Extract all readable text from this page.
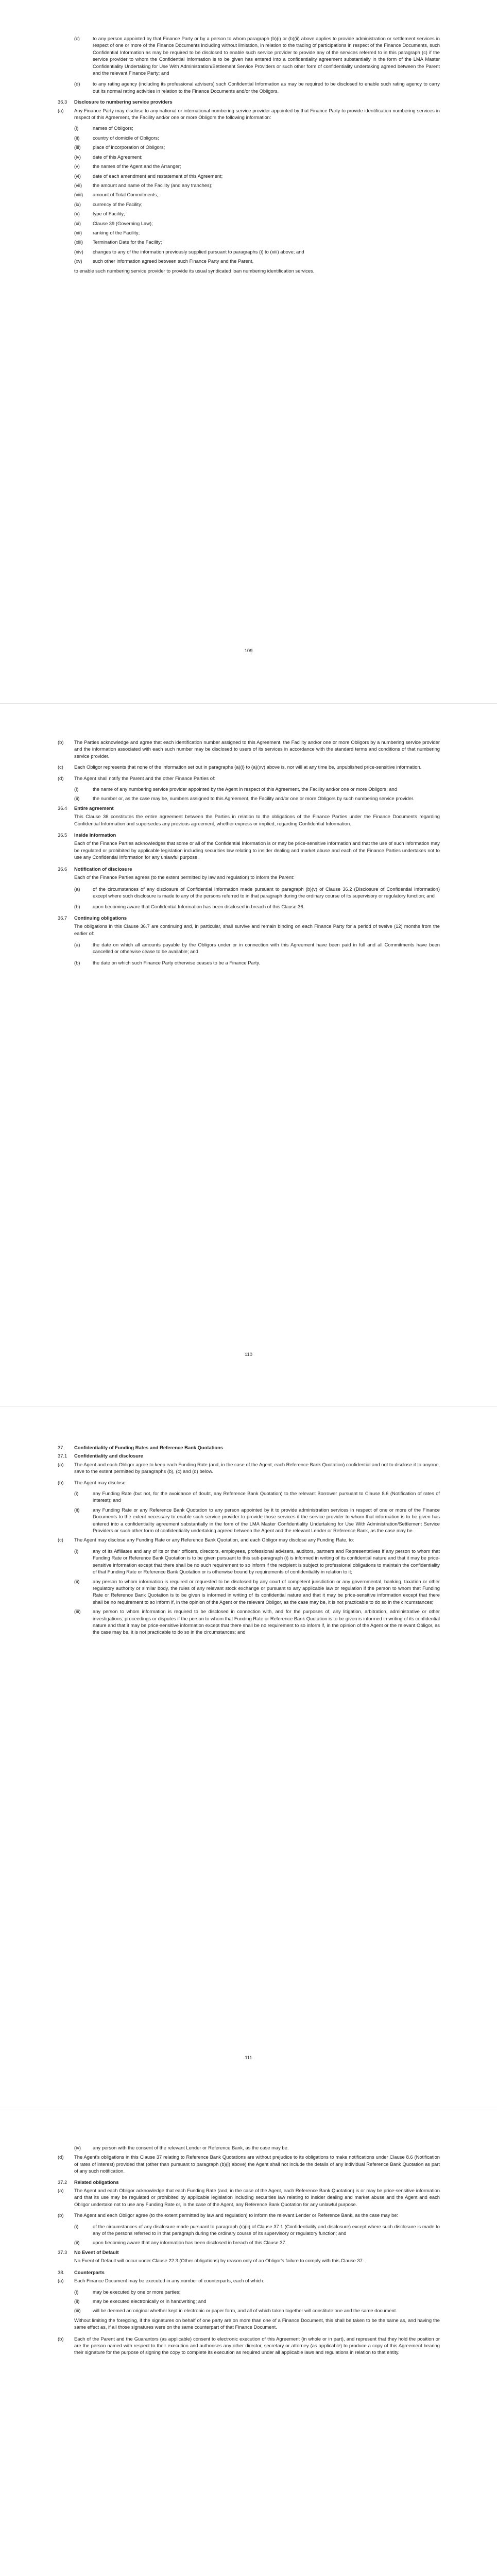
(c)	to any person appointed by that Finance Party or by a person to whom paragraph (b)(i) or (b)(ii) above applies to provide administration or settlement services in respect of one or more of the Finance Documents including without limitation, in relation to the trading of participations in respect of the Finance Documents, such Confidential Information as may be required to be disclosed to enable such service provider to provide any of the services referred to in this paragraph (c) if the service provider to whom the Confidential Information is to be given has entered into a confidentiality agreement substantially in the form of the LMA Master Confidentiality Undertaking for Use With Administration/Settlement Service Providers or such other form of confidentiality undertaking agreed between the Parent and the relevant Finance Party; and
(d)	to any rating agency (including its professional advisers) such Confidential Information as may be required to be disclosed to enable such rating agency to carry out its normal rating activities in relation to the Finance Documents and/or the Obligors.
36.3	Disclosure to numbering service providers
(a)	Any Finance Party may disclose to any national or international numbering service provider appointed by that Finance Party to provide identification numbering services in respect of this Agreement, the Facility and/or one or more Obligors the following information:
(i)	names of Obligors;
(ii)	country of domicile of Obligors;
(iii)	place of incorporation of Obligors;
(iv)	date of this Agreement;
(v)	the names of the Agent and the Arranger;
(vi)	date of each amendment and restatement of this Agreement;
(vii)	the amount and name of the Facility (and any tranches);
(viii)	amount of Total Commitments;
(ix)	currency of the Facility;
(x)	type of Facility;
(xi)	Clause 39 (Governing Law);
(xii)	ranking of the Facility;
(xiii)	Termination Date for the Facility;
(xiv)	changes to any of the information previously supplied pursuant to paragraphs (i) to (xiii) above; and
(xv)	such other information agreed between such Finance Party and the Parent,
to enable such numbering service provider to provide its usual syndicated loan numbering identification services.
109
(b)	The Parties acknowledge and agree that each identification number assigned to this Agreement, the Facility and/or one or more Obligors by a numbering service provider and the information associated with each such number may be disclosed to users of its services in accordance with the standard terms and conditions of that numbering service provider.
(c)	Each Obligor represents that none of the information set out in paragraphs (a)(i) to (a)(xv) above is, nor will at any time be, unpublished price-sensitive information.
(d)	The Agent shall notify the Parent and the other Finance Parties of:
(i)	the name of any numbering service provider appointed by the Agent in respect of this Agreement, the Facility and/or one or more Obligors; and
(ii)	the number or, as the case may be, numbers assigned to this Agreement, the Facility and/or one or more Obligors by such numbering service provider.
36.4	Entire agreement
This Clause 36 constitutes the entire agreement between the Parties in relation to the obligations of the Finance Parties under the Finance Documents regarding Confidential Information and supersedes any previous agreement, whether express or implied, regarding Confidential Information.
36.5	Inside Information
Each of the Finance Parties acknowledges that some or all of the Confidential Information is or may be price-sensitive information and that the use of such information may be regulated or prohibited by applicable legislation including securities law relating to insider dealing and market abuse and each of the Finance Parties undertakes not to use any Confidential Information for any unlawful purpose.
36.6	Notification of disclosure
Each of the Finance Parties agrees (to the extent permitted by law and regulation) to inform the Parent:
(a)	of the circumstances of any disclosure of Confidential Information made pursuant to paragraph (b)(v) of Clause 36.2 (Disclosure of Confidential Information) except where such disclosure is made to any of the persons referred to in that paragraph during the ordinary course of its supervisory or regulatory function; and
(b)	upon becoming aware that Confidential Information has been disclosed in breach of this Clause 36.
36.7	Continuing obligations
The obligations in this Clause 36.7 are continuing and, in particular, shall survive and remain binding on each Finance Party for a period of twelve (12) months from the earlier of:
(a)	the date on which all amounts payable by the Obligors under or in connection with this Agreement have been paid in full and all Commitments have been cancelled or otherwise cease to be available; and
(b)	the date on which such Finance Party otherwise ceases to be a Finance Party.
110
37.	Confidentiality of Funding Rates and Reference Bank Quotations
37.1	Confidentiality and disclosure
(a)	The Agent and each Obligor agree to keep each Funding Rate (and, in the case of the Agent, each Reference Bank Quotation) confidential and not to disclose it to anyone, save to the extent permitted by paragraphs (b), (c) and (d) below.
(b)	The Agent may disclose:
(i)	any Funding Rate (but not, for the avoidance of doubt, any Reference Bank Quotation) to the relevant Borrower pursuant to Clause 8.6 (Notification of rates of interest); and
(ii)	any Funding Rate or any Reference Bank Quotation to any person appointed by it to provide administration services in respect of one or more of the Finance Documents to the extent necessary to enable such service provider to provide those services if the service provider to whom that information is to be given has entered into a confidentiality agreement substantially in the form of the LMA Master Confidentiality Undertaking for Use With Administration/Settlement Service Providers or such other form of confidentiality undertaking agreed between the Agent and the relevant Lender or Reference Bank, as the case may be.
(c)	The Agent may disclose any Funding Rate or any Reference Bank Quotation, and each Obligor may disclose any Funding Rate, to:
(i)	any of its Affiliates and any of its or their officers, directors, employees, professional advisers, auditors, partners and Representatives if any person to whom that Funding Rate or Reference Bank Quotation is to be given pursuant to this sub-paragraph (i) is informed in writing of its confidential nature and that it may be price-sensitive information except that there shall be no such requirement to so inform if the recipient is subject to professional obligations to maintain the confidentiality of that Funding Rate or Reference Bank Quotation or is otherwise bound by requirements of confidentiality in relation to it;
(ii)	any person to whom information is required or requested to be disclosed by any court of competent jurisdiction or any governmental, banking, taxation or other regulatory authority or similar body, the rules of any relevant stock exchange or pursuant to any applicable law or regulation if the person to whom that Funding Rate or Reference Bank Quotation is to be given is informed in writing of its confidential nature and that it may be price-sensitive information except that there shall be no requirement to so inform if, in the opinion of the Agent or the relevant Obligor, as the case may be, it is not practicable to do so in the circumstances;
(iii)	any person to whom information is required to be disclosed in connection with, and for the purposes of, any litigation, arbitration, administrative or other investigations, proceedings or disputes if the person to whom that Funding Rate or Reference Bank Quotation is to be given is informed in writing of its confidential nature and that it may be price-sensitive information except that there shall be no requirement to so inform if, in the opinion of the Agent or the relevant Obligor, as the case may be, it is not practicable to do so in the circumstances; and
111
(iv)	any person with the consent of the relevant Lender or Reference Bank, as the case may be.
(d)	The Agent's obligations in this Clause 37 relating to Reference Bank Quotations are without prejudice to its obligations to make notifications under Clause 8.6 (Notification of rates of interest) provided that (other than pursuant to paragraph (b)(i) above) the Agent shall not include the details of any individual Reference Bank Quotation as part of any such notification.
37.2	Related obligations
(a)	The Agent and each Obligor acknowledge that each Funding Rate (and, in the case of the Agent, each Reference Bank Quotation) is or may be price-sensitive information and that its use may be regulated or prohibited by applicable legislation including securities law relating to insider dealing and market abuse and the Agent and each Obligor undertake not to use any Funding Rate or, in the case of the Agent, any Reference Bank Quotation for any unlawful purpose.
(b)	The Agent and each Obligor agree (to the extent permitted by law and regulation) to inform the relevant Lender or Reference Bank, as the case may be:
(i)	of the circumstances of any disclosure made pursuant to paragraph (c)(ii) of Clause 37.1 (Confidentiality and disclosure) except where such disclosure is made to any of the persons referred to in that paragraph during the ordinary course of its supervisory or regulatory function; and
(ii)	upon becoming aware that any information has been disclosed in breach of this Clause 37.
37.3	No Event of Default
No Event of Default will occur under Clause 22.3 (Other obligations) by reason only of an Obligor's failure to comply with this Clause 37.
38.	Counterparts
(a)	Each Finance Document may be executed in any number of counterparts, each of which:
(i)	may be executed by one or more parties;
(ii)	may be executed electronically or in handwriting; and
(iii)	will be deemed an original whether kept in electronic or paper form, and all of which taken together will constitute one and the same document.
Without limiting the foregoing, if the signatures on behalf of one party are on more than one of a Finance Document, this shall be taken to be the same as, and having the same effect as, if all those signatures were on the same counterpart of that Finance Document.
(b)	Each of the Parent and the Guarantors (as applicable) consent to electronic execution of this Agreement (in whole or in part), and represent that they hold the position or are the person named with respect to their execution and authorises any other director, secretary or attorney (as applicable) to produce a copy of this Agreement bearing their signature for the purpose of signing the copy to complete its execution as required under all applicable laws and regulations in relation to that entity.
